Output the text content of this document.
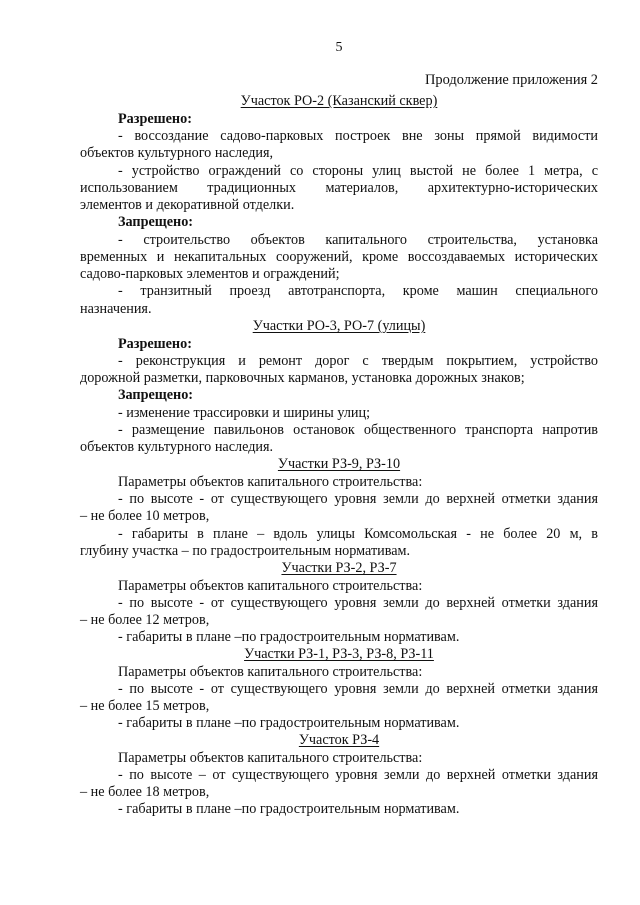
5
Продолжение приложения 2
Участок РО-2 (Казанский сквер)
Разрешено:
- воссоздание садово-парковых построек вне зоны прямой видимости
объектов культурного наследия,
- устройство ограждений со стороны улиц выстой не более 1 метра, с
использованием традиционных материалов, архитектурно-исторических
элементов и декоративной отделки.
Запрещено:
- строительство объектов капитального строительства, установка
временных и некапитальных сооружений, кроме воссоздаваемых исторических
садово-парковых элементов и ограждений;
- транзитный проезд автотранспорта, кроме машин специального
назначения.
Участки РО-3, РО-7 (улицы)
Разрешено:
- реконструкция и ремонт дорог с твердым покрытием, устройство
дорожной разметки, парковочных карманов, установка дорожных знаков;
Запрещено:
- изменение трассировки и ширины улиц;
- размещение павильонов остановок общественного транспорта напротив
объектов культурного наследия.
Участки РЗ-9, РЗ-10
Параметры объектов капитального строительства:
- по высоте - от существующего уровня земли до верхней отметки здания
– не более 10 метров,
- габариты в плане – вдоль улицы Комсомольская - не более 20 м, в
глубину участка – по градостроительным нормативам.
Участки РЗ-2, РЗ-7
Параметры объектов капитального строительства:
- по высоте - от существующего уровня земли до верхней отметки здания
– не более 12 метров,
- габариты в плане –по градостроительным нормативам.
Участки РЗ-1, РЗ-3, РЗ-8, РЗ-11
Параметры объектов капитального строительства:
- по высоте - от существующего уровня земли до верхней отметки здания
– не более 15 метров,
- габариты в плане –по градостроительным нормативам.
Участок РЗ-4
Параметры объектов капитального строительства:
- по высоте – от существующего уровня земли до верхней отметки здания
– не более 18 метров,
- габариты в плане –по градостроительным нормативам.
